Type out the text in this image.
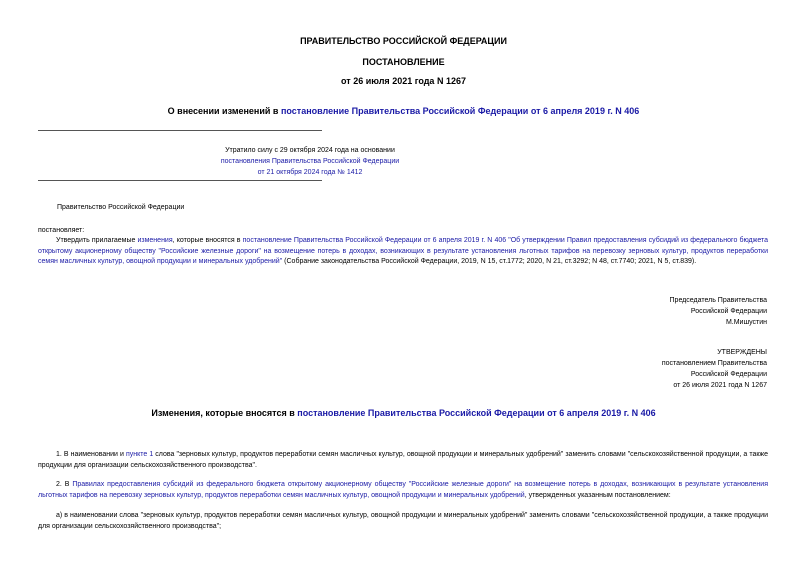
ПРАВИТЕЛЬСТВО РОССИЙСКОЙ ФЕДЕРАЦИИ
ПОСТАНОВЛЕНИЕ
от 26 июля 2021 года N 1267
О внесении изменений в постановление Правительства Российской Федерации от 6 апреля 2019 г. N 406
Утратило силу с 29 октября 2024 года на основании
постановления Правительства Российской Федерации
от 21 октября 2024 года № 1412
Правительство Российской Федерации
постановляет:
Утвердить прилагаемые изменения, которые вносятся в постановление Правительства Российской Федерации от 6 апреля 2019 г. N 406 "Об утверждении Правил предоставления субсидий из федерального бюджета открытому акционерному обществу "Российские железные дороги" на возмещение потерь в доходах, возникающих в результате установления льготных тарифов на перевозку зерновых культур, продуктов переработки семян масличных культур, овощной продукции и минеральных удобрений" (Собрание законодательства Российской Федерации, 2019, N 15, ст.1772; 2020, N 21, ст.3292; N 48, ст.7740; 2021, N 5, ст.839).
Председатель Правительства
Российской Федерации
М.Мишустин
УТВЕРЖДЕНЫ
постановлением Правительства
Российской Федерации
от 26 июля 2021 года N 1267
Изменения, которые вносятся в постановление Правительства Российской Федерации от 6 апреля 2019 г. N 406
1. В наименовании и пункте 1 слова "зерновых культур, продуктов переработки семян масличных культур, овощной продукции и минеральных удобрений" заменить словами "сельскохозяйственной продукции, а также продукции для организации сельскохозяйственного производства".
2. В Правилах предоставления субсидий из федерального бюджета открытому акционерному обществу "Российские железные дороги" на возмещение потерь в доходах, возникающих в результате установления льготных тарифов на перевозку зерновых культур, продуктов переработки семян масличных культур, овощной продукции и минеральных удобрений, утвержденных указанным постановлением:
а) в наименовании слова "зерновых культур, продуктов переработки семян масличных культур, овощной продукции и минеральных удобрений" заменить словами "сельскохозяйственной продукции, а также продукции для организации сельскохозяйственного производства";
